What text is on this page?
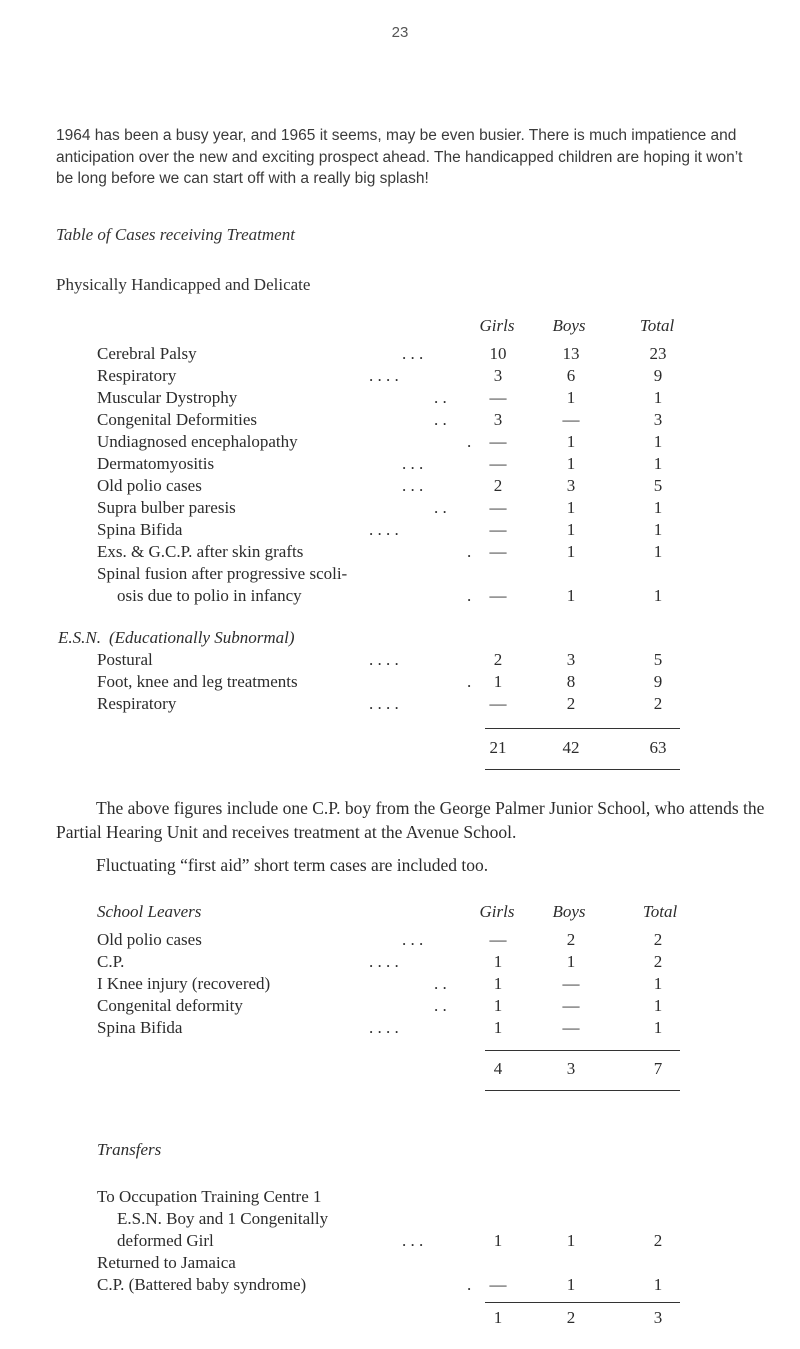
23
1964 has been a busy year, and 1965 it seems, may be even busier. There is much impatience and anticipation over the new and exciting prospect ahead. The handicapped children are hoping it won’t be long before we can start off with a really big splash!
Table of Cases receiving Treatment
Physically Handicapped and Delicate
Girls	Boys	Total
Cerebral Palsy	. . .	10	13	23
Respiratory	. . . .	3	6	9
Muscular Dystrophy	. .	—	1	1
Congenital Deformities	. .	3	—	3
Undiagnosed encephalopathy	.	—	1	1
Dermatomyositis	. . .	—	1	1
Old polio cases	. . .	2	3	5
Supra bulber paresis	. .	—	1	1
Spina Bifida	. . . .	—	1	1
Exs. & G.C.P. after skin grafts	.	—	1	1
Spinal fusion after progressive scoli-
osis due to polio in infancy	.	—	1	1
E.S.N. (Educationally Subnormal)
Postural	. . . .	2	3	5
Foot, knee and leg treatments	.	1	8	9
Respiratory	. . . .	—	2	2
21	42	63
The above figures include one C.P. boy from the George Palmer Junior School, who attends the Partial Hearing Unit and receives treatment at the Avenue School.
Fluctuating “first aid” short term cases are included too.
School Leavers	Girls	Boys	Total
Old polio cases	. . .	—	2	2
C.P.	. . . .	1	1	2
I Knee injury (recovered)	. .	1	—	1
Congenital deformity	. .	1	—	1
Spina Bifida	. . . .	1	—	1
4	3	7
Transfers
To Occupation Training Centre 1
E.S.N. Boy and 1 Congenitally
deformed Girl	. . .	1	1	2
Returned to Jamaica
C.P. (Battered baby syndrome)	.	—	1	1
1	2	3
